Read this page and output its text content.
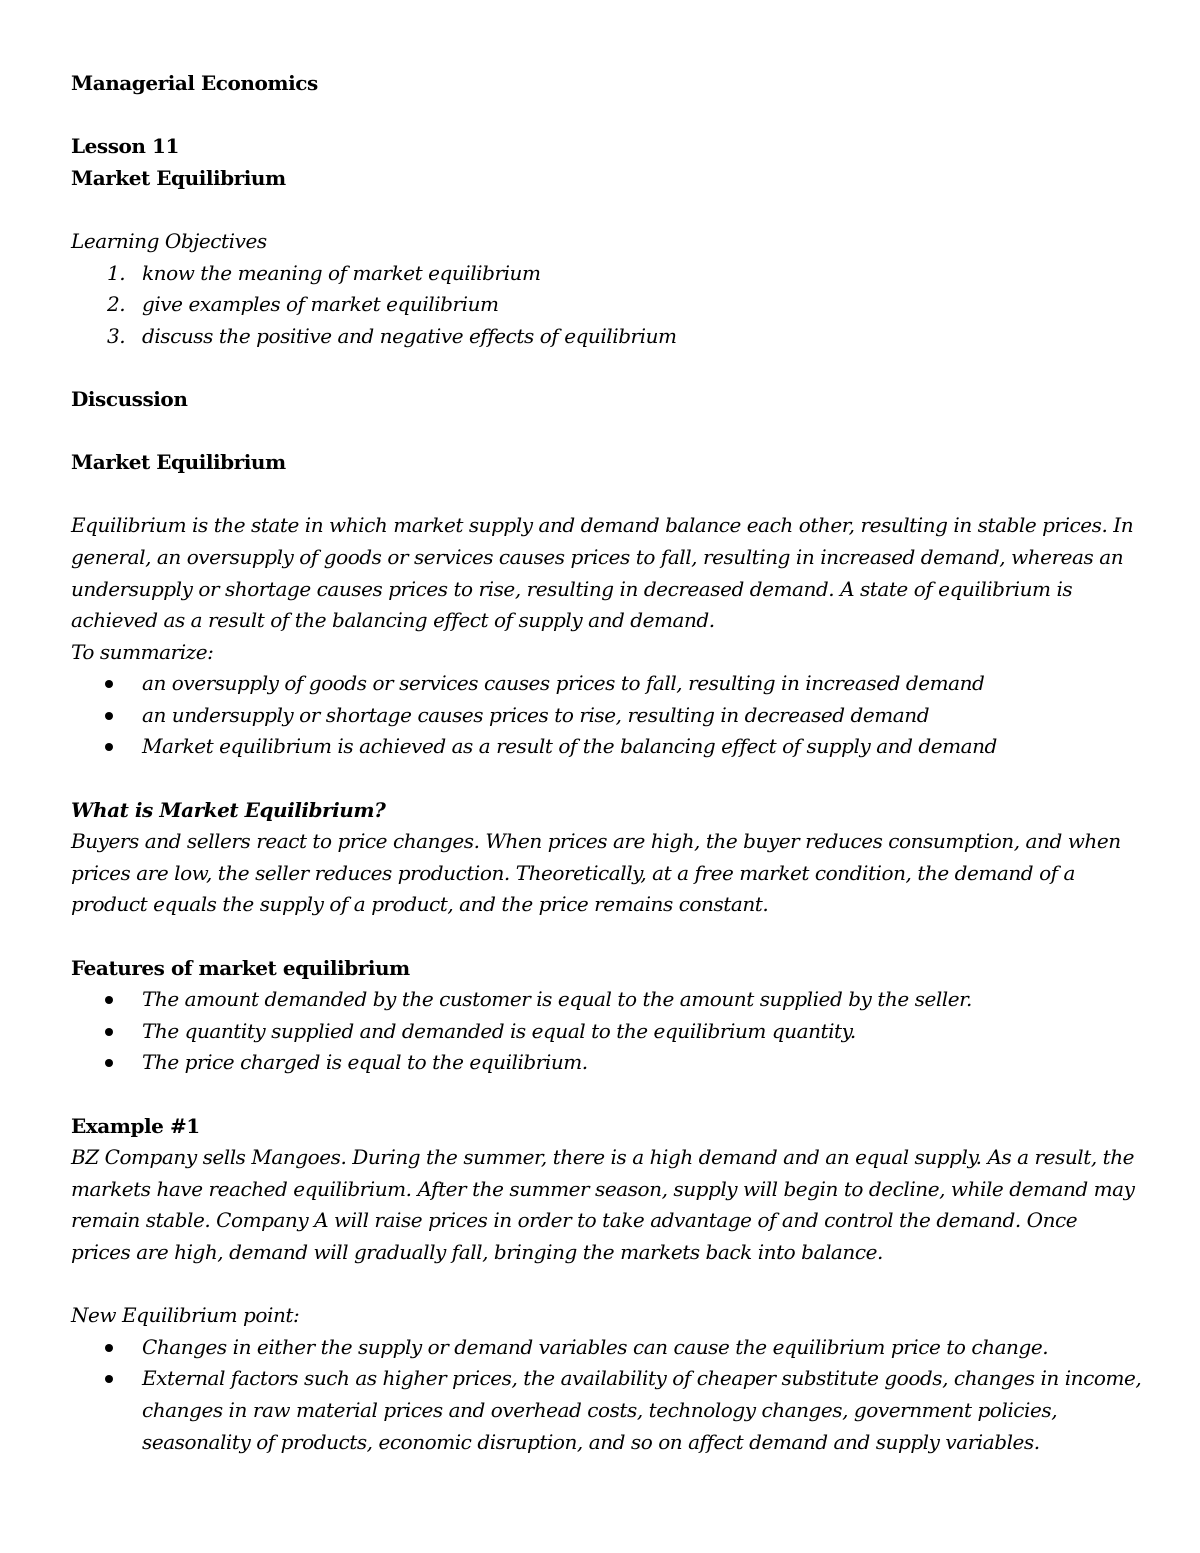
Managerial Economics
Lesson 11
Market Equilibrium
Learning Objectives
1. know the meaning of market equilibrium
2. give examples of market equilibrium
3. discuss the positive and negative effects of equilibrium
Discussion
Market Equilibrium
Equilibrium is the state in which market supply and demand balance each other, resulting in stable prices. In
general, an oversupply of goods or services causes prices to fall, resulting in increased demand, whereas an
undersupply or shortage causes prices to rise, resulting in decreased demand. A state of equilibrium is
achieved as a result of the balancing effect of supply and demand.
To summarize:
an oversupply of goods or services causes prices to fall, resulting in increased demand
an undersupply or shortage causes prices to rise, resulting in decreased demand
Market equilibrium is achieved as a result of the balancing effect of supply and demand
What is Market Equilibrium?
Buyers and sellers react to price changes. When prices are high, the buyer reduces consumption, and when
prices are low, the seller reduces production. Theoretically, at a free market condition, the demand of a
product equals the supply of a product, and the price remains constant.
Features of market equilibrium
The amount demanded by the customer is equal to the amount supplied by the seller.
The quantity supplied and demanded is equal to the equilibrium quantity.
The price charged is equal to the equilibrium.
Example #1
BZ Company sells Mangoes. During the summer, there is a high demand and an equal supply. As a result, the
markets have reached equilibrium. After the summer season, supply will begin to decline, while demand may
remain stable. Company A will raise prices in order to take advantage of and control the demand. Once
prices are high, demand will gradually fall, bringing the markets back into balance.
New Equilibrium point:
Changes in either the supply or demand variables can cause the equilibrium price to change.
External factors such as higher prices, the availability of cheaper substitute goods, changes in income,
changes in raw material prices and overhead costs, technology changes, government policies,
seasonality of products, economic disruption, and so on affect demand and supply variables.
